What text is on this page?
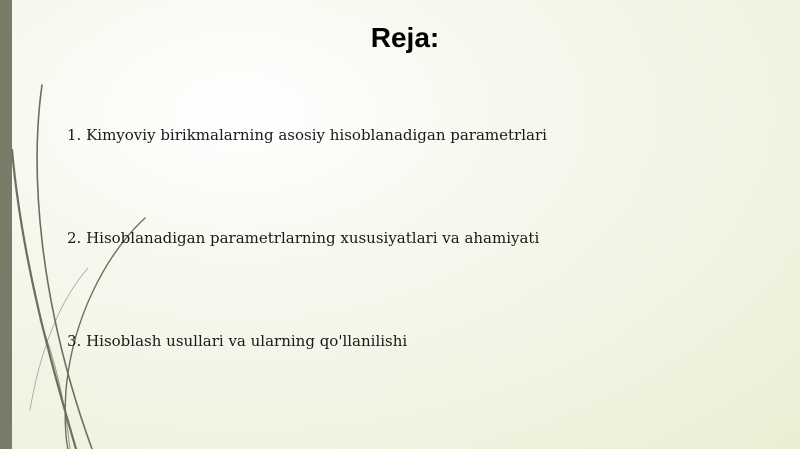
Reja:
1. Kimyoviy birikmalarning asosiy hisoblanadigan parametrlari
2. Hisoblanadigan parametrlarning xususiyatlari va ahamiyati
3. Hisoblash usullari va ularning qo'llanilishi
